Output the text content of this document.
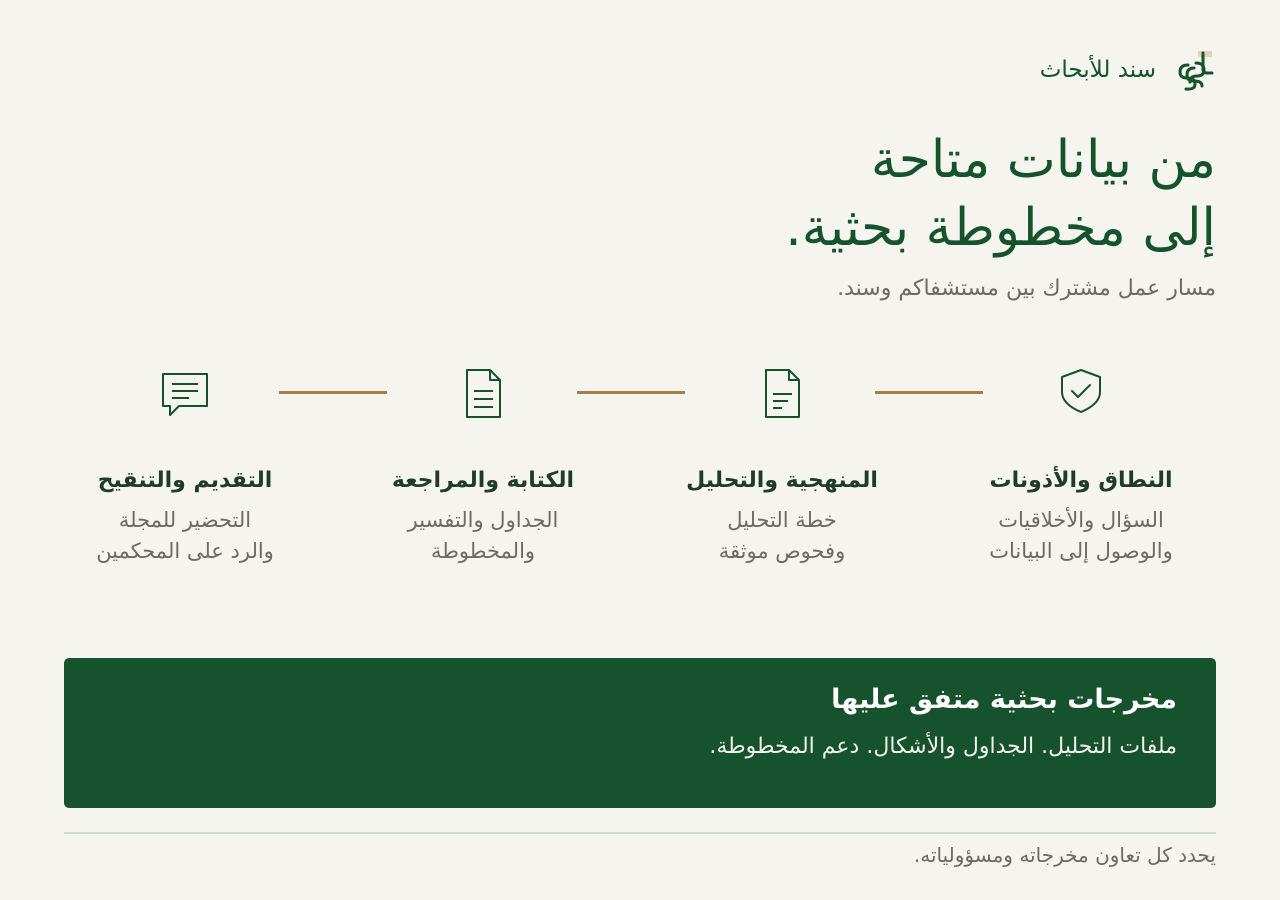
سند للأبحاث
من بيانات متاحة
إلى مخطوطة بحثية.

مسار عمل مشترك بين مستشفاكم وسند.

النطاق والأذونات
السؤال والأخلاقيات
والوصول إلى البيانات
المنهجية والتحليل
خطة التحليل
وفحوص موثقة
الكتابة والمراجعة
الجداول والتفسير
والمخطوطة
التقديم والتنقيح
التحضير للمجلة
والرد على المحكمين
مخرجات بحثية متفق عليها
ملفات التحليل. الجداول والأشكال. دعم المخطوطة.

يحدد كل تعاون مخرجاته ومسؤولياته.
